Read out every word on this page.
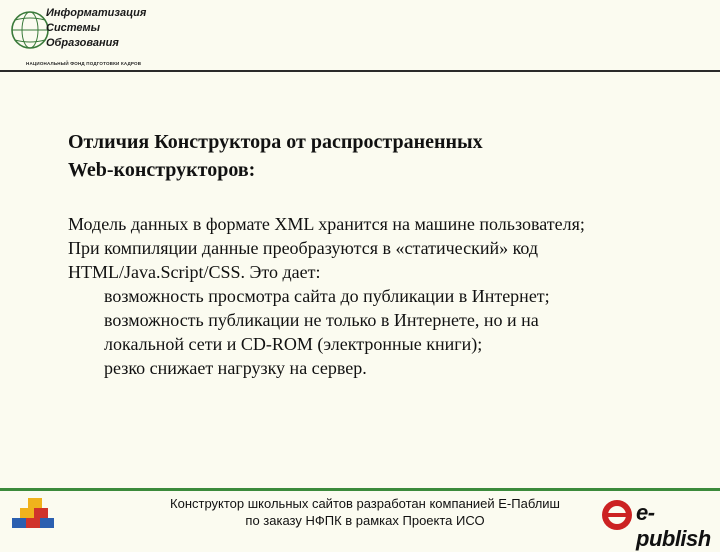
Информатизация
Системы
Образования
НАЦИОНАЛЬНЫЙ ФОНД ПОДГОТОВКИ КАДРОВ

Отличия Конструктора от распространенных

Web-конструкторов:

Модель данных в формате XML хранится на машине пользователя;

При компиляции данные преобразуются в «статический» код

HTML/Java.Script/CSS. Это дает:

возможность просмотра сайта до публикации в Интернет;

возможность публикации не только в Интернете, но и на

локальной сети и CD-ROM (электронные книги);

резко снижает нагрузку на сервер.

Конструктор школьных сайтов разработан компанией Е-Паблиш
по заказу НФПК в рамках Проекта ИСО	e-publish
